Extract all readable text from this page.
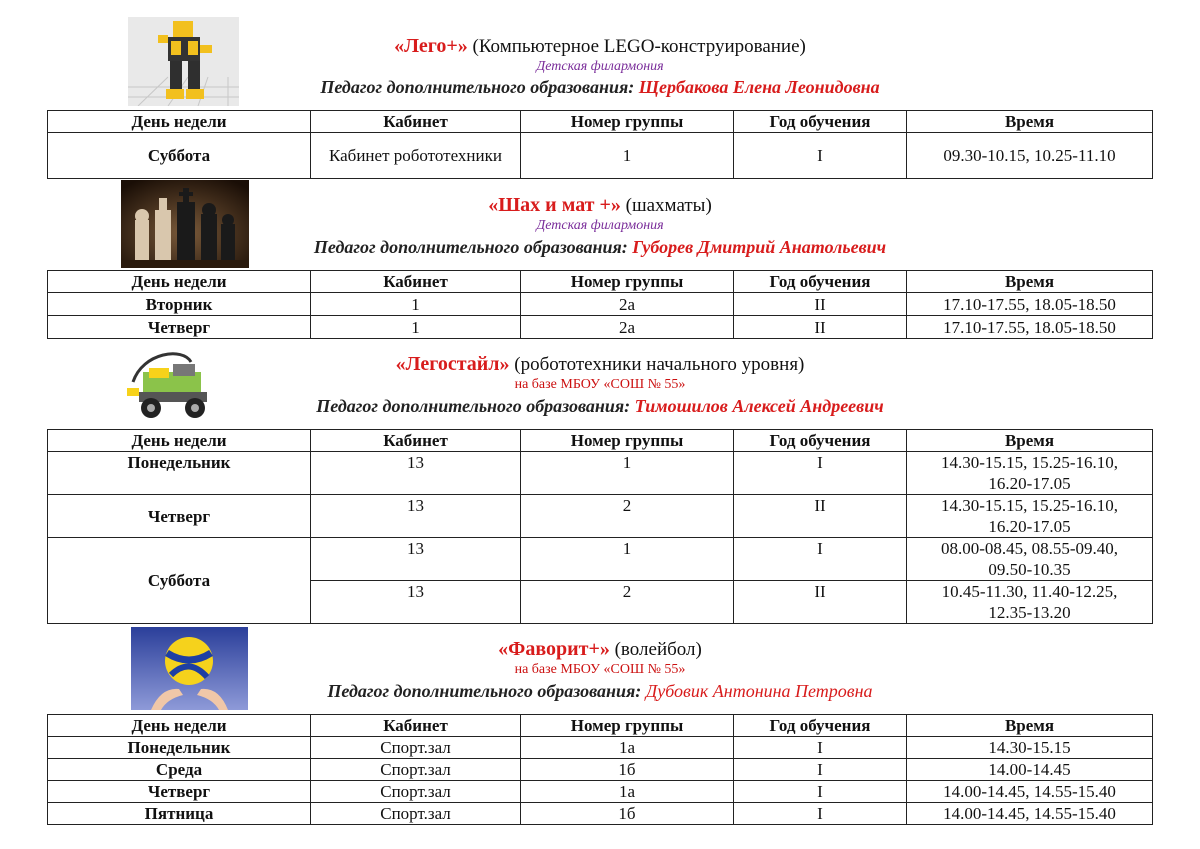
«Лего+» (Компьютерное LEGO-конструирование)
Детская филармония
Педагог дополнительного образования: Щербакова Елена Леонидовна
День недели	Кабинет	Номер группы	Год обучения	Время
Суббота	Кабинет робототехники	1	I	09.30-10.15, 10.25-11.10
«Шах и мат +» (шахматы)
Детская филармония
Педагог дополнительного образования: Губорев Дмитрий Анатольевич
День недели	Кабинет	Номер группы	Год обучения	Время
Вторник	1	2а	II	17.10-17.55, 18.05-18.50
Четверг	1	2а	II	17.10-17.55, 18.05-18.50
«Легостайл» (робототехники начального уровня)
на базе МБОУ «СОШ № 55»
Педагог дополнительного образования: Тимошилов Алексей Андреевич
День недели	Кабинет	Номер группы	Год обучения	Время
Понедельник	13	1	I	14.30-15.15, 15.25-16.10,
16.20-17.05

Четверг	13	2	II	14.30-15.15, 15.25-16.10,
16.20-17.05

Суббота	13	1	I	08.00-08.45, 08.55-09.40,
09.50-10.35

	13	2	II	10.45-11.30, 11.40-12.25,
12.35-13.20
«Фаворит+» (волейбол)
на базе МБОУ «СОШ № 55»
Педагог дополнительного образования: Дубовик Антонина Петровна
День недели	Кабинет	Номер группы	Год обучения	Время
Понедельник	Спорт.зал	1а	I	14.30-15.15
Среда	Спорт.зал	1б	I	14.00-14.45
Четверг	Спорт.зал	1а	I	14.00-14.45, 14.55-15.40
Пятница	Спорт.зал	1б	I	14.00-14.45, 14.55-15.40
